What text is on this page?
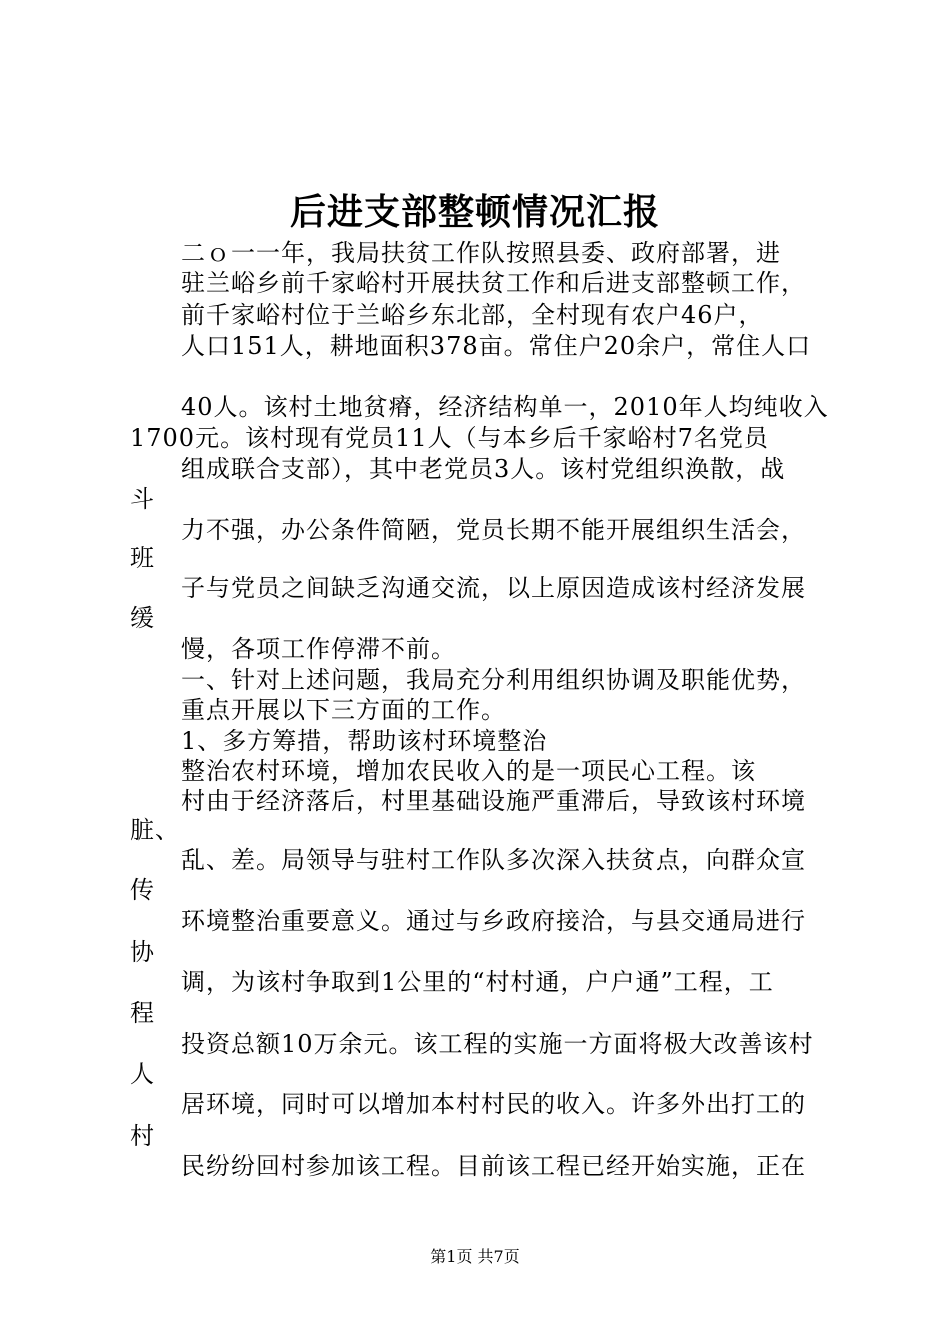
后进支部整顿情况汇报
二ｏ一一年，我局扶贫工作队按照县委、政府部署，进
驻兰峪乡前千家峪村开展扶贫工作和后进支部整顿工作，
前千家峪村位于兰峪乡东北部，全村现有农户46户，
人口151人，耕地面积378亩。常住户20余户，常住人口
40人。该村土地贫瘠，经济结构单一，2010年人均纯收入
1700元。该村现有党员11人（与本乡后千家峪村7名党员
组成联合支部），其中老党员3人。该村党组织涣散，战
斗
力不强，办公条件简陋，党员长期不能开展组织生活会，
班
子与党员之间缺乏沟通交流，以上原因造成该村经济发展
缓
慢，各项工作停滞不前。
一、针对上述问题，我局充分利用组织协调及职能优势，
重点开展以下三方面的工作。
1、多方筹措，帮助该村环境整治
整治农村环境，增加农民收入的是一项民心工程。该
村由于经济落后，村里基础设施严重滞后，导致该村环境
脏、
乱、差。局领导与驻村工作队多次深入扶贫点，向群众宣
传
环境整治重要意义。通过与乡政府接洽，与县交通局进行
协
调，为该村争取到1公里的“村村通，户户通”工程，工
程
投资总额10万余元。该工程的实施一方面将极大改善该村
人
居环境，同时可以增加本村村民的收入。许多外出打工的
村
民纷纷回村参加该工程。目前该工程已经开始实施，正在
第1页 共7页
